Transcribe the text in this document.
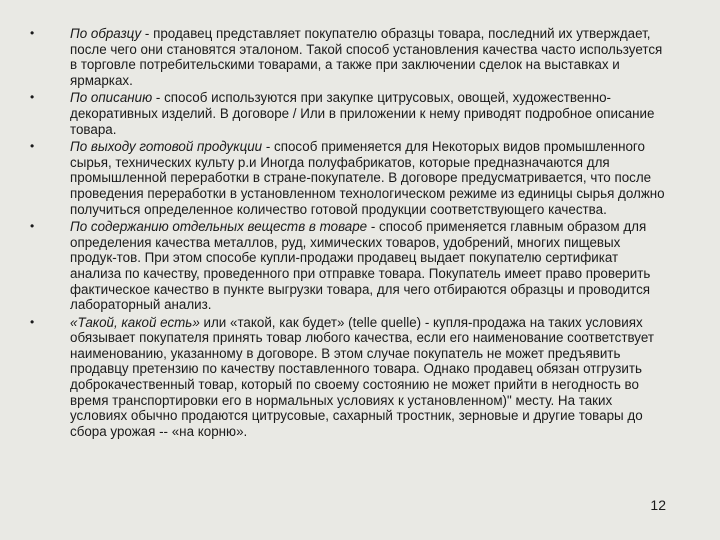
•	По образцу - продавец представляет покупателю образцы товара, последний их утверждает, после чего они становятся эталоном. Такой способ установления качества часто используется в торговле потребительскими товарами, а также при заключении сделок на выставках и ярмарках.
•	По описанию - способ используются при закупке цитрусовых, овощей, художественно-декоративных изделий. В договоре / Или в приложении к нему приводят подробное описание товара.
•	По выходу готовой продукции - способ применяется для Некоторых видов промышленного сырья, технических культу р.и Иногда полуфабрикатов, которые предназначаются для промышленной переработки в стране-покупателе. В договоре предусматривается, что после проведения переработки в установленном технологическом режиме из единицы сырья должно получиться определенное количество готовой продукции соответствующего качества.
•	По содержанию отдельных веществ в товаре - способ применяется главным образом для определения качества металлов, руд, химических товаров, удобрений, многих пищевых продук-тов. При этом способе купли-продажи продавец выдает покупателю сертификат анализа по качеству, проведенного при отправке товара. Покупатель имеет право проверить фактическое качество в пункте выгрузки товара, для чего отбираются образцы и проводится лабораторный анализ.
•	«Такой, какой есть» или «такой, как будет» (telle quelle) - купля-продажа на таких условиях обязывает покупателя принять товар любого качества, если его наименование соответствует наименованию, указанному в договоре. В этом случае покупатель не может предъявить продавцу претензию по качеству поставленного товара. Однако продавец обязан отгрузить доброкачественный товар, который по своему состоянию не может прийти в негодность во время транспортировки его в нормальных условиях к установленном)" месту. На таких условиях обычно продаются цитрусовые, сахарный тростник, зерновые и другие товары до сбора урожая -- «на корню».
12
